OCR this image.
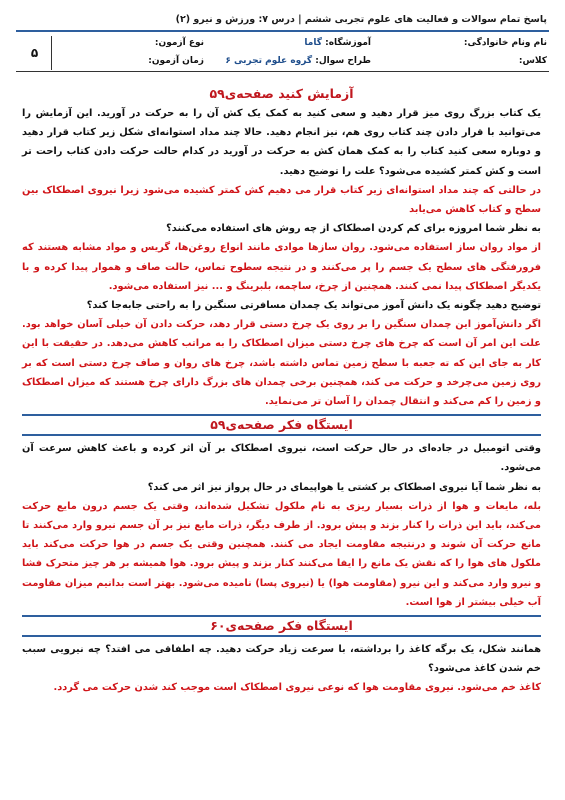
پاسخ تمام سوالات و فعالیت های علوم تجربی ششم | درس ۷: ورزش و نیرو (۲)
نام ونام خانوادگی:
آموزشگاه: گاما
نوع آزمون:
کلاس:
طراح سوال: گروه علوم تجربی ۶
زمان آزمون:
۵
آزمایش کنید صفحه‌ی۵۹

یک کتاب بزرگ روی میز قرار دهید و سعی کنید به کمک یک کش آن را به حرکت در آورید. این آزمایش را می‌توانید با قرار دادن چند کتاب روی هم، نیز انجام دهید. حالا چند مداد استوانه‌ای شکل زیر کتاب قرار دهید و دوباره سعی کنید کتاب را به کمک همان کش به حرکت در آورید در کدام حالت حرکت دادن کتاب راحت تر است و کش کمتر کشیده می‌شود؟ علت را توضیح دهید.

در حالتی که چند مداد استوانه‌ای زیر کتاب قرار می دهیم کش کمتر کشیده می‌شود زیرا نیروی اصطکاک بین سطح و کتاب کاهش می‌یابد

به نظر شما امروزه برای کم کردن اصطکاک از چه روش های استفاده می‌کنند؟

از مواد روان ساز استفاده می‌شود. روان سازها موادی مانند انواع روغن‌ها، گریس و مواد مشابه هستند که فرورفتگی های سطح یک جسم را پر می‌کنند و در نتیجه سطوح تماس، حالت صاف و هموار پیدا کرده و با یکدیگر اصطکاک پیدا نمی کنند. همچنین از چرخ، ساچمه، بلبرینگ و ... نیز استفاده می‌شود.

توضیح دهید چگونه یک دانش آموز می‌تواند یک چمدان مسافرتی سنگین را به راحتی جابه‌جا کند؟

اگر دانش‌آموز این چمدان سنگین را بر روی یک چرخ دستی قرار دهد، حرکت دادن آن خیلی آسان خواهد بود. علت این امر آن است که چرخ های چرخ دستی میزان اصطکاک را به مراتب کاهش می‌دهد. در حقیقت با این کار به جای این که ته جعبه با سطح زمین تماس داشته باشد، چرخ های روان و صاف چرخ دستی است که بر روی زمین می‌چرخد و حرکت می کند، همچنین برخی چمدان های بزرگ دارای چرخ هستند که میزان اصطکاک و زمین را کم می‌کند و انتقال چمدان را آسان تر می‌نماید.

ایستگاه فکر صفحه‌ی۵۹

وقتی اتومبیل در جاده‌ای در حال حرکت است، نیروی اصطکاک بر آن اثر کرده و باعث کاهش سرعت آن می‌شود.

به نظر شما آیا نیروی اصطکاک بر کشتی یا هواپیمای در حال پرواز نیز اثر می کند؟

بله، مایعات و هوا از ذرات بسیار ریزی به نام ملکول تشکیل شده‌اند، وقتی یک جسم درون مایع حرکت می‌کند، باید این ذرات را کنار بزند و پیش برود. از طرف دیگر، ذرات مایع نیز بر آن جسم نیرو وارد می‌کنند تا مانع حرکت آن شوند و درنتیجه مقاومت ایجاد می کنند. همچنین وقتی یک جسم در هوا حرکت می‌کند باید ملکول های هوا را که نقش یک مانع را ایفا می‌کنند کنار بزند و پیش برود. هوا همیشه بر هر چیز متحرک فشا و نیرو وارد می‌کند و این نیرو (مقاومت هوا) یا (نیروی پسا) نامیده می‌شود. بهتر است بدانیم میزان مقاومت آب خیلی بیشتر از هوا است.

ایستگاه فکر صفحه‌ی۶۰

همانند شکل، یک برگه کاغذ را برداشته، با سرعت زیاد حرکت دهید. چه اطفاقی می افتد؟ چه نیرویی سبب خم شدن کاغذ می‌شود؟

کاغذ خم می‌شود. نیروی مقاومت هوا که نوعی نیروی اصطکاک است موجب کند شدن حرکت می گردد.
